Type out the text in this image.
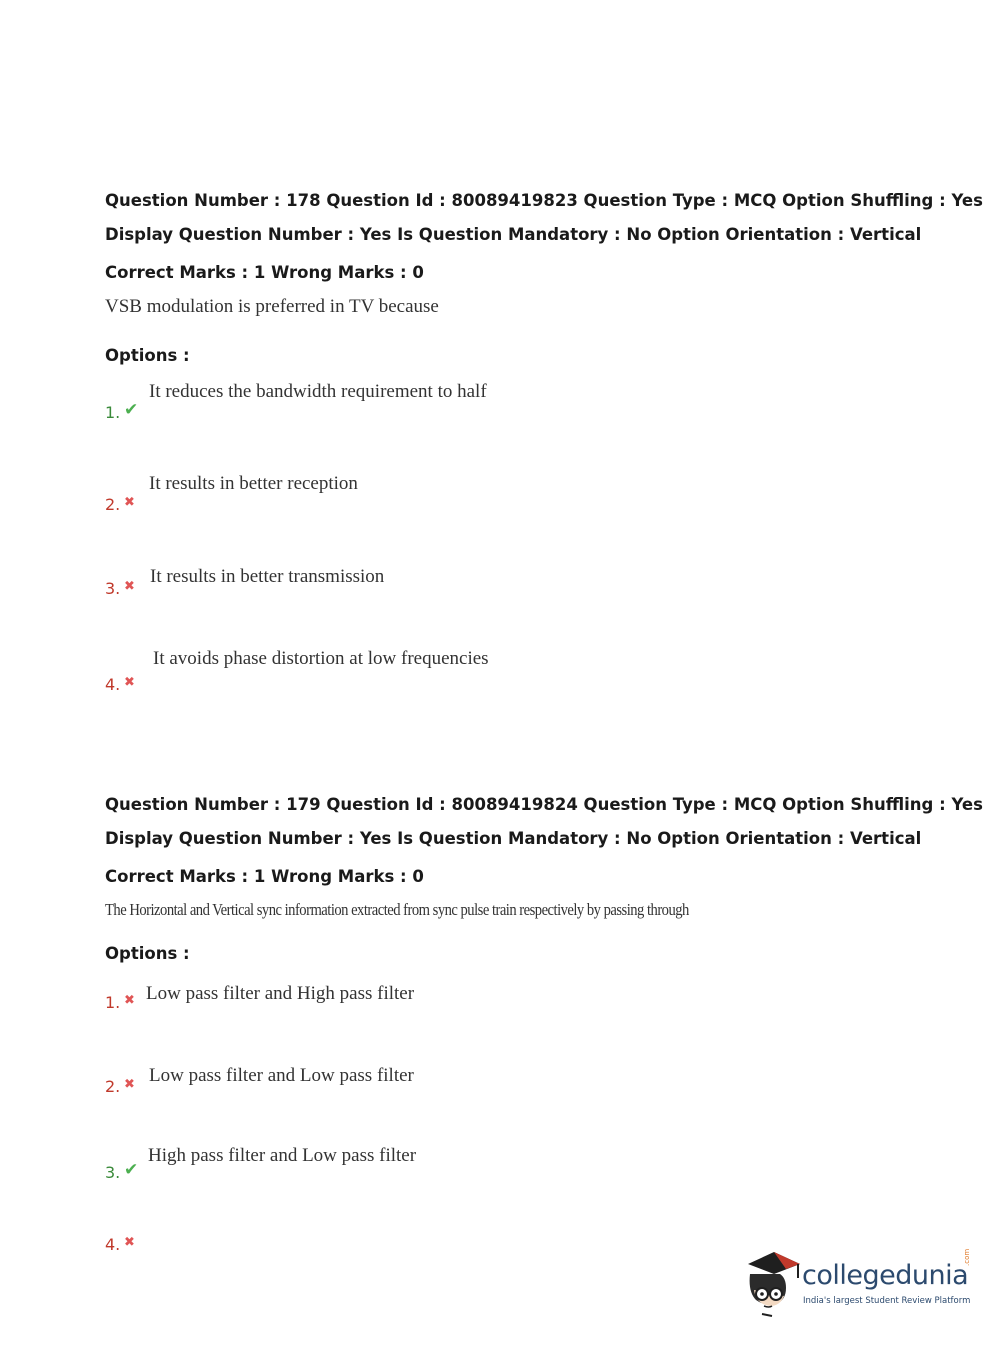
Question Number : 178 Question Id : 80089419823 Question Type : MCQ Option Shuffling : Yes
Display Question Number : Yes Is Question Mandatory : No Option Orientation : Vertical
Correct Marks : 1 Wrong Marks : 0
VSB modulation is preferred in TV because
Options :
1. ✔
It reduces the bandwidth requirement to half
2. ✖
It results in better reception
3. ✖ It results in better transmission
4. ✖
It avoids phase distortion at low frequencies
Question Number : 179 Question Id : 80089419824 Question Type : MCQ Option Shuffling : Yes
Display Question Number : Yes Is Question Mandatory : No Option Orientation : Vertical
Correct Marks : 1 Wrong Marks : 0
The Horizontal and Vertical sync information extracted from sync pulse train respectively by passing through
Options :
1. ✖ Low pass filter and High pass filter
2. ✖ Low pass filter and Low pass filter
3. ✔
High pass filter and Low pass filter
4. ✖
collegedunia
.com
India's largest Student Review Platform
